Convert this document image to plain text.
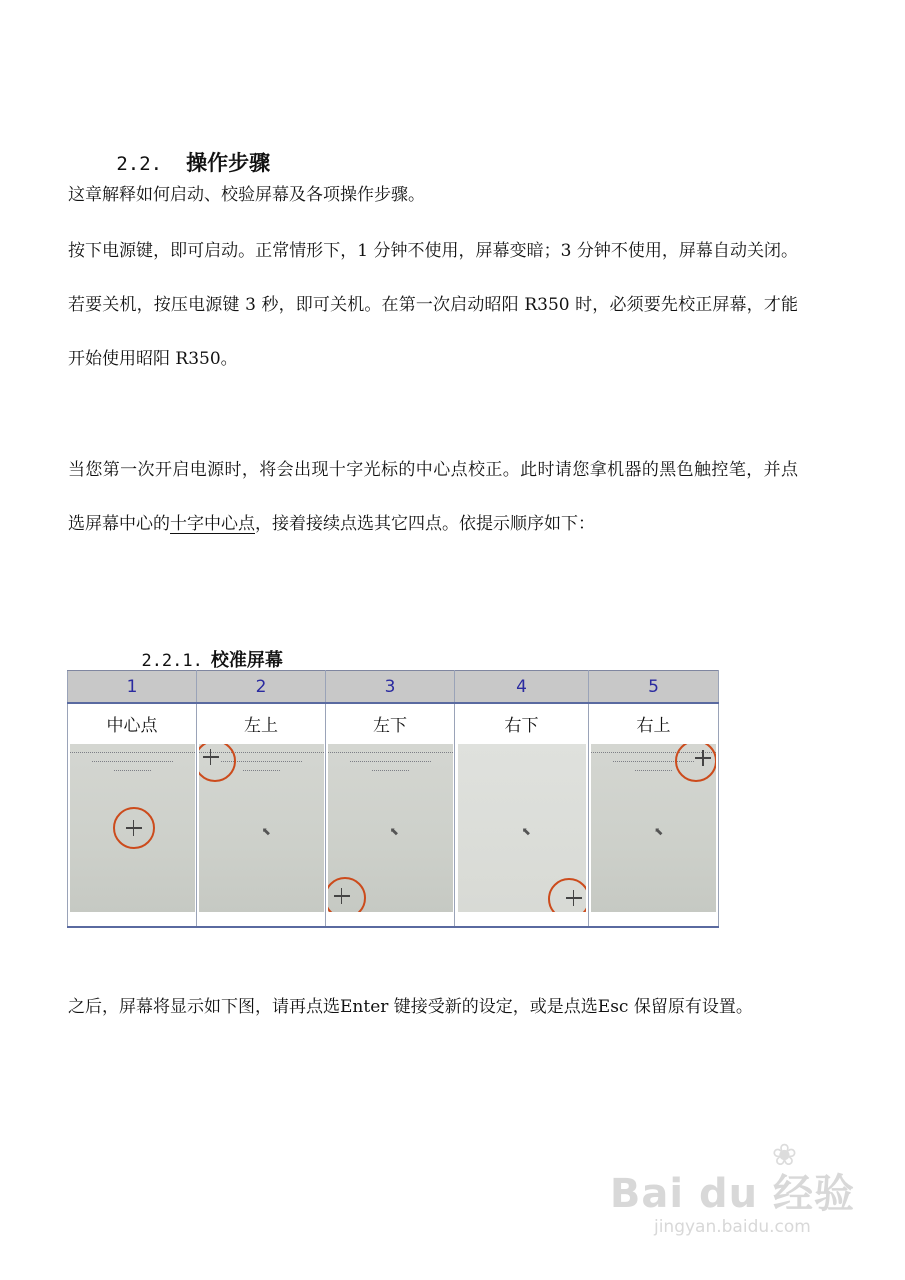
2.2. 操作步骤

这章解释如何启动、校验屏幕及各项操作步骤。
按下电源键，即可启动。正常情形下，1 分钟不使用，屏幕变暗；3 分钟不使用，屏幕自动关闭。若要关机，按压电源键 3 秒，即可关机。在第一次启动昭阳 R350 时，必须要先校正屏幕，才能开始使用昭阳 R350。
当您第一次开启电源时，将会出现十字光标的中心点校正。此时请您拿机器的黑色触控笔，并点选屏幕中心的十字中心点，接着接续点选其它四点。依提示顺序如下：

2.2.1. 校准屏幕

1	2	3	4	5
中心点	左上	左下	右下	右上

	⬉	⬉	⬉	⬉
之后，屏幕将显示如下图，请再点选Enter 键接受新的设定，或是点选Esc 保留原有设置。
❀
Bai du 经验
jingyan.baidu.com
